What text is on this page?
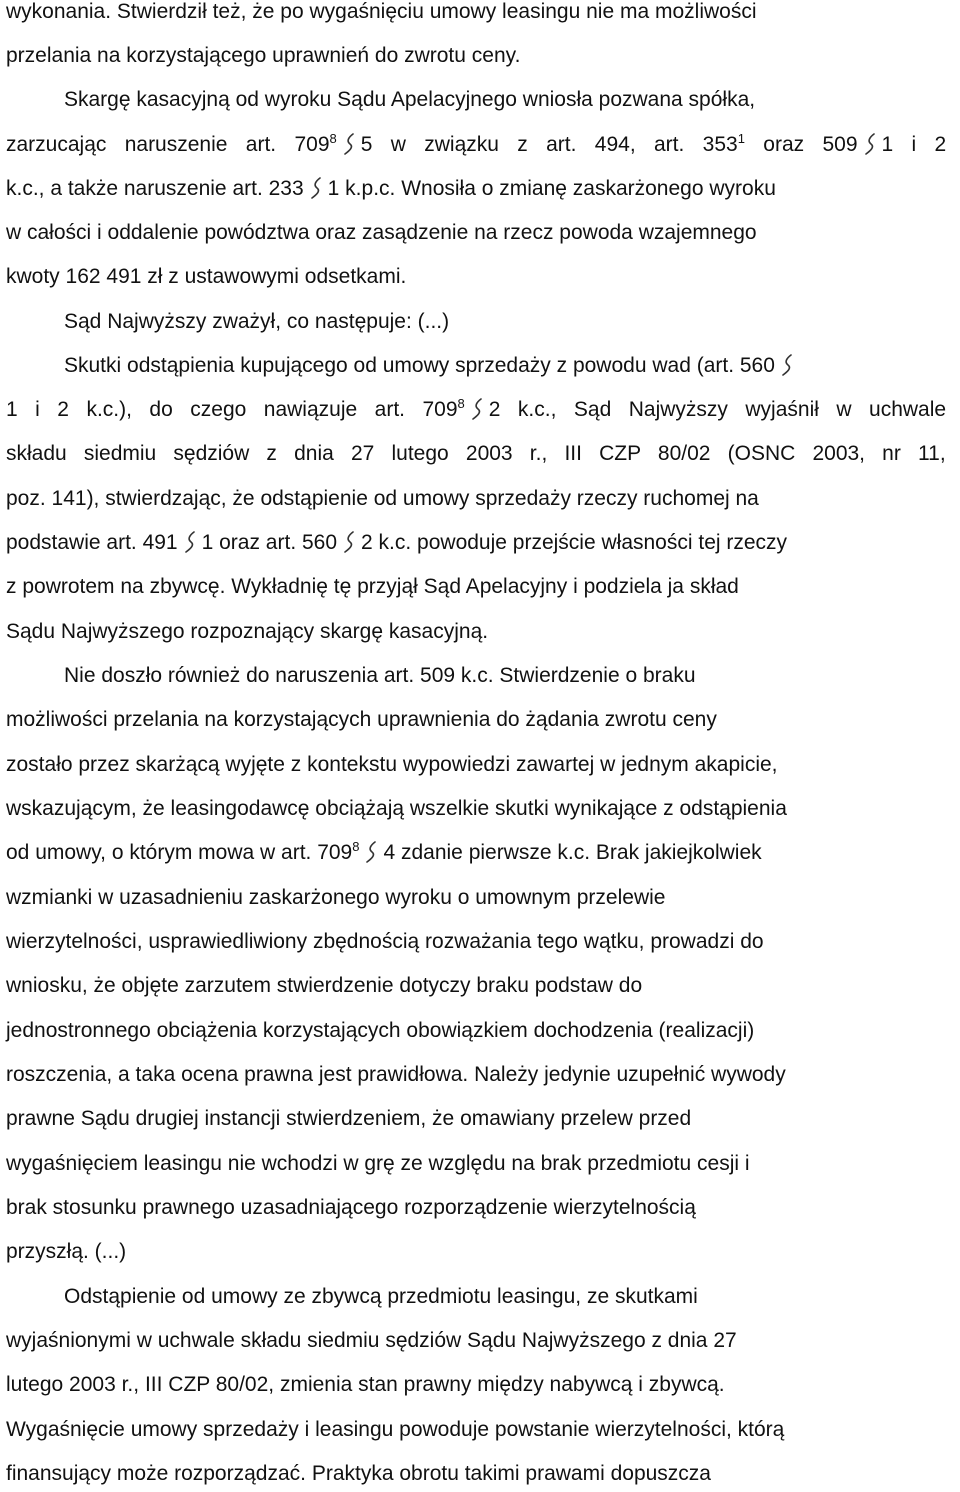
wykonania. Stwierdził też, że po wygaśnięciu umowy leasingu nie ma możliwości
przelania na korzystającego uprawnień do zwrotu ceny.
Skargę kasacyjną od wyroku Sądu Apelacyjnego wniosła pozwana spółka,
zarzucając naruszenie art. $709^8$ 5 w związku z art. 494, art. $353^1$ oraz 509 1 i 2
k.c., a także naruszenie art. 233 1 k.p.c. Wnosiła o zmianę zaskarżonego wyroku
w całości i oddalenie powództwa oraz zasądzenie na rzecz powoda wzajemnego
kwoty 162 491 zł z ustawowymi odsetkami.
Sąd Najwyższy zważył, co następuje: (...)
Skutki odstąpienia kupującego od umowy sprzedaży z powodu wad (art. 560
1 i 2 k.c.), do czego nawiązuje art. $709^8$ 2 k.c., Sąd Najwyższy wyjaśnił w uchwale
składu siedmiu sędziów z dnia 27 lutego 2003 r., III CZP 80/02 (OSNC 2003, nr 11,
poz. 141), stwierdzając, że odstąpienie od umowy sprzedaży rzeczy ruchomej na
podstawie art. 491 1 oraz art. 560 2 k.c. powoduje przejście własności tej rzeczy
z powrotem na zbywcę. Wykładnię tę przyjął Sąd Apelacyjny i podziela ja skład
Sądu Najwyższego rozpoznający skargę kasacyjną.
Nie doszło również do naruszenia art. 509 k.c. Stwierdzenie o braku
możliwości przelania na korzystających uprawnienia do żądania zwrotu ceny
zostało przez skarżącą wyjęte z kontekstu wypowiedzi zawartej w jednym akapicie,
wskazującym, że leasingodawcę obciążają wszelkie skutki wynikające z odstąpienia
od umowy, o którym mowa w art. $709^8$ 4 zdanie pierwsze k.c. Brak jakiejkolwiek
wzmianki w uzasadnieniu zaskarżonego wyroku o umownym przelewie
wierzytelności, usprawiedliwiony zbędnością rozważania tego wątku, prowadzi do
wniosku, że objęte zarzutem stwierdzenie dotyczy braku podstaw do
jednostronnego obciążenia korzystających obowiązkiem dochodzenia (realizacji)
roszczenia, a taka ocena prawna jest prawidłowa. Należy jedynie uzupełnić wywody
prawne Sądu drugiej instancji stwierdzeniem, że omawiany przelew przed
wygaśnięciem leasingu nie wchodzi w grę ze względu na brak przedmiotu cesji i
brak stosunku prawnego uzasadniającego rozporządzenie wierzytelnością
przyszłą. (...)
Odstąpienie od umowy ze zbywcą przedmiotu leasingu, ze skutkami
wyjaśnionymi w uchwale składu siedmiu sędziów Sądu Najwyższego z dnia 27
lutego 2003 r., III CZP 80/02, zmienia stan prawny między nabywcą i zbywcą.
Wygaśnięcie umowy sprzedaży i leasingu powoduje powstanie wierzytelności, którą
finansujący może rozporządzać. Praktyka obrotu takimi prawami dopuszcza
